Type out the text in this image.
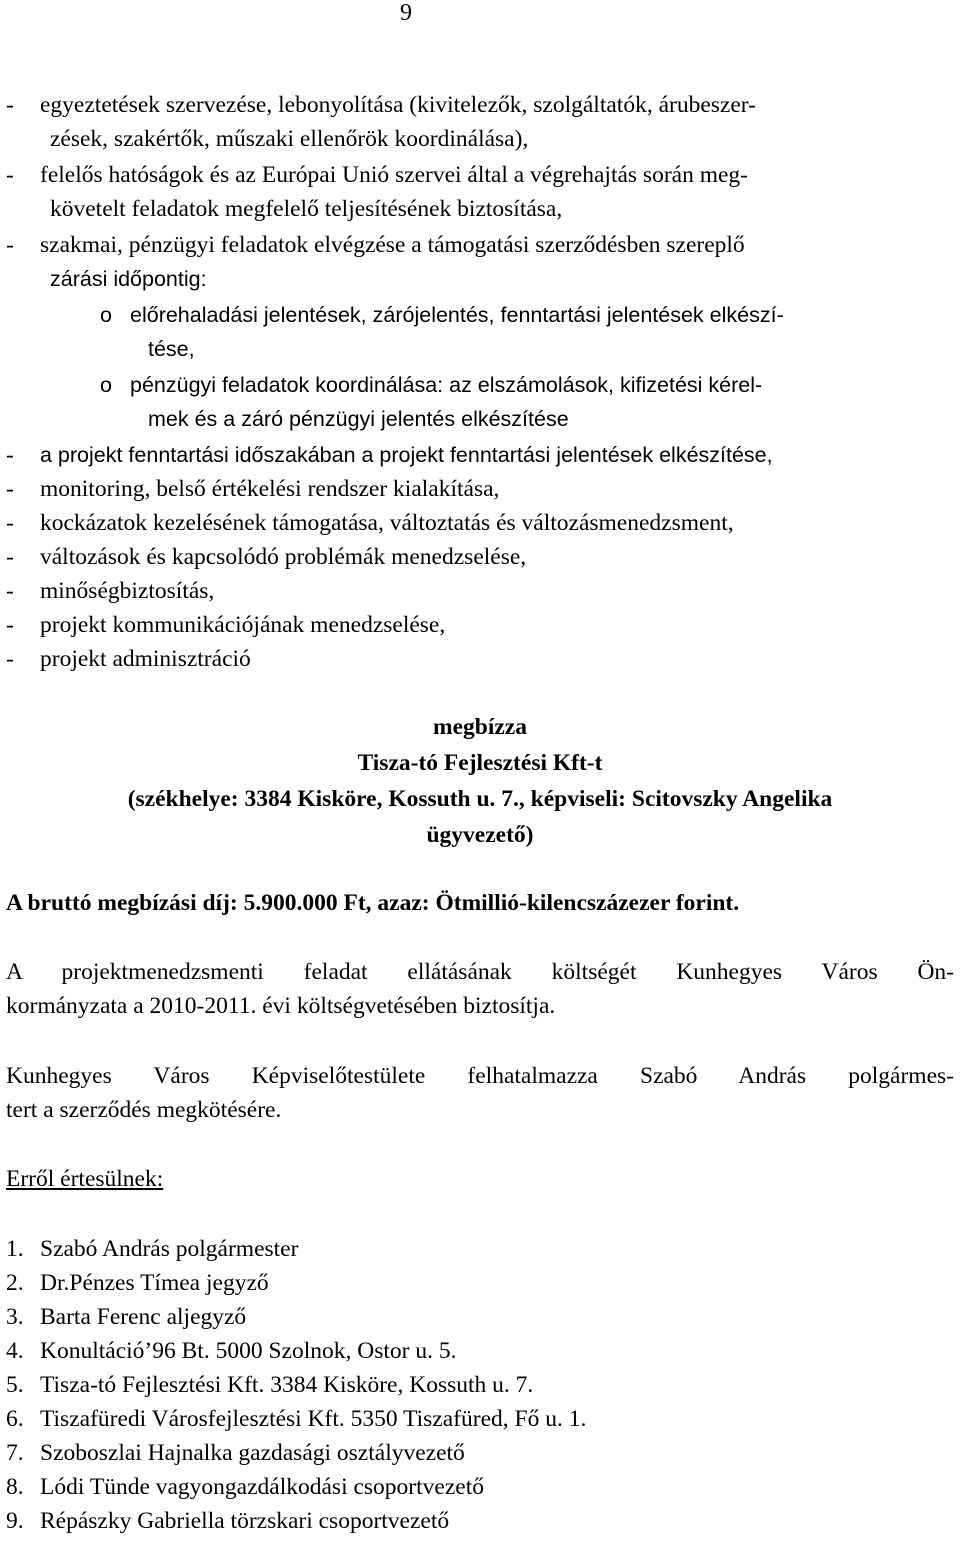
9
- egyeztetések szervezése, lebonyolítása (kivitelezők, szolgáltatók, árubeszer-
zések, szakértők, műszaki ellenőrök koordinálása),
- felelős hatóságok és az Európai Unió szervei által a végrehajtás során meg-
követelt feladatok megfelelő teljesítésének biztosítása,
- szakmai, pénzügyi feladatok elvégzése a támogatási szerződésben szereplő
zárási időpontig:
o előrehaladási jelentések, zárójelentés, fenntartási jelentések elkészí-
tése,
o pénzügyi feladatok koordinálása: az elszámolások, kifizetési kérel-
mek és a záró pénzügyi jelentés elkészítése
- a projekt fenntartási időszakában a projekt fenntartási jelentések elkészítése,
- monitoring, belső értékelési rendszer kialakítása,
- kockázatok kezelésének támogatása, változtatás és változásmenedzsment,
- változások és kapcsolódó problémák menedzselése,
- minőségbiztosítás,
- projekt kommunikációjának menedzselése,
- projekt adminisztráció
megbízza
Tisza-tó Fejlesztési Kft-t
(székhelye: 3384 Kisköre, Kossuth u. 7., képviseli: Scitovszky Angelika
ügyvezető)
A bruttó megbízási díj: 5.900.000 Ft, azaz: Ötmillió-kilencszázezer forint.
A projektmenedzsmenti feladat ellátásának költségét Kunhegyes Város Ön-
kormányzata a 2010-2011. évi költségvetésében biztosítja.
Kunhegyes Város Képviselőtestülete felhatalmazza Szabó András polgármes-
tert a szerződés megkötésére.
Erről értesülnek:
1. Szabó András polgármester
2. Dr.Pénzes Tímea jegyző
3. Barta Ferenc aljegyző
4. Konultáció’96 Bt. 5000 Szolnok, Ostor u. 5.
5. Tisza-tó Fejlesztési Kft. 3384 Kisköre, Kossuth u. 7.
6. Tiszafüredi Városfejlesztési Kft. 5350 Tiszafüred, Fő u. 1.
7. Szoboszlai Hajnalka gazdasági osztályvezető
8. Lódi Tünde vagyongazdálkodási csoportvezető
9. Répászky Gabriella törzskari csoportvezető
